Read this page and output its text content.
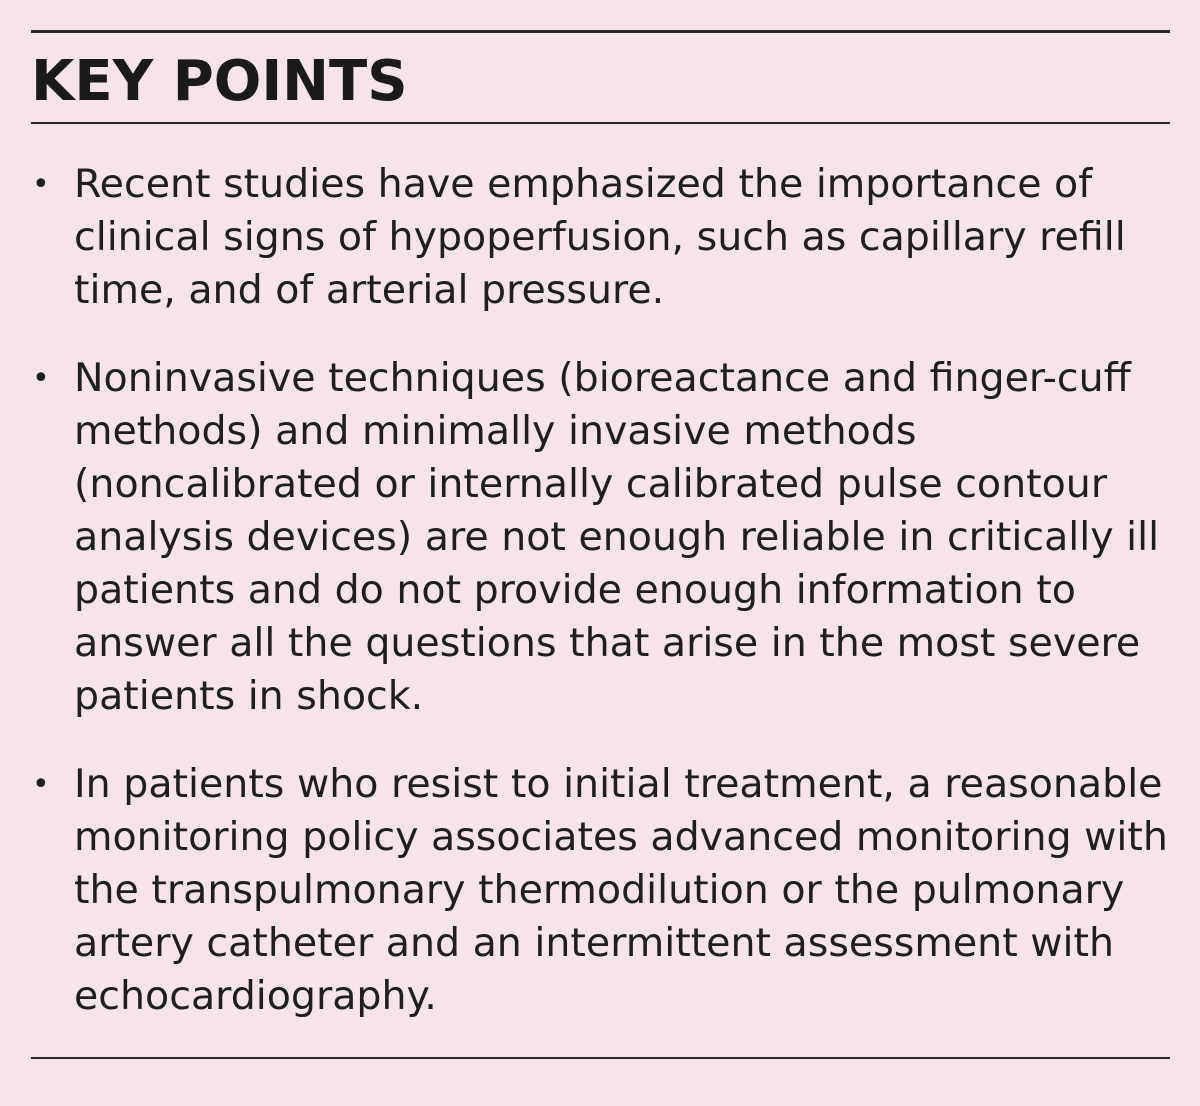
KEY POINTS
• Recent studies have emphasized the importance of clinical signs of hypoperfusion, such as capillary refill time, and of arterial pressure.
• Noninvasive techniques (bioreactance and finger-cuff methods) and minimally invasive methods (noncalibrated or internally calibrated pulse contour analysis devices) are not enough reliable in critically ill patients and do not provide enough information to answer all the questions that arise in the most severe patients in shock.
• In patients who resist to initial treatment, a reasonable monitoring policy associates advanced monitoring with the transpulmonary thermodilution or the pulmonary artery catheter and an intermittent assessment with echocardiography.
